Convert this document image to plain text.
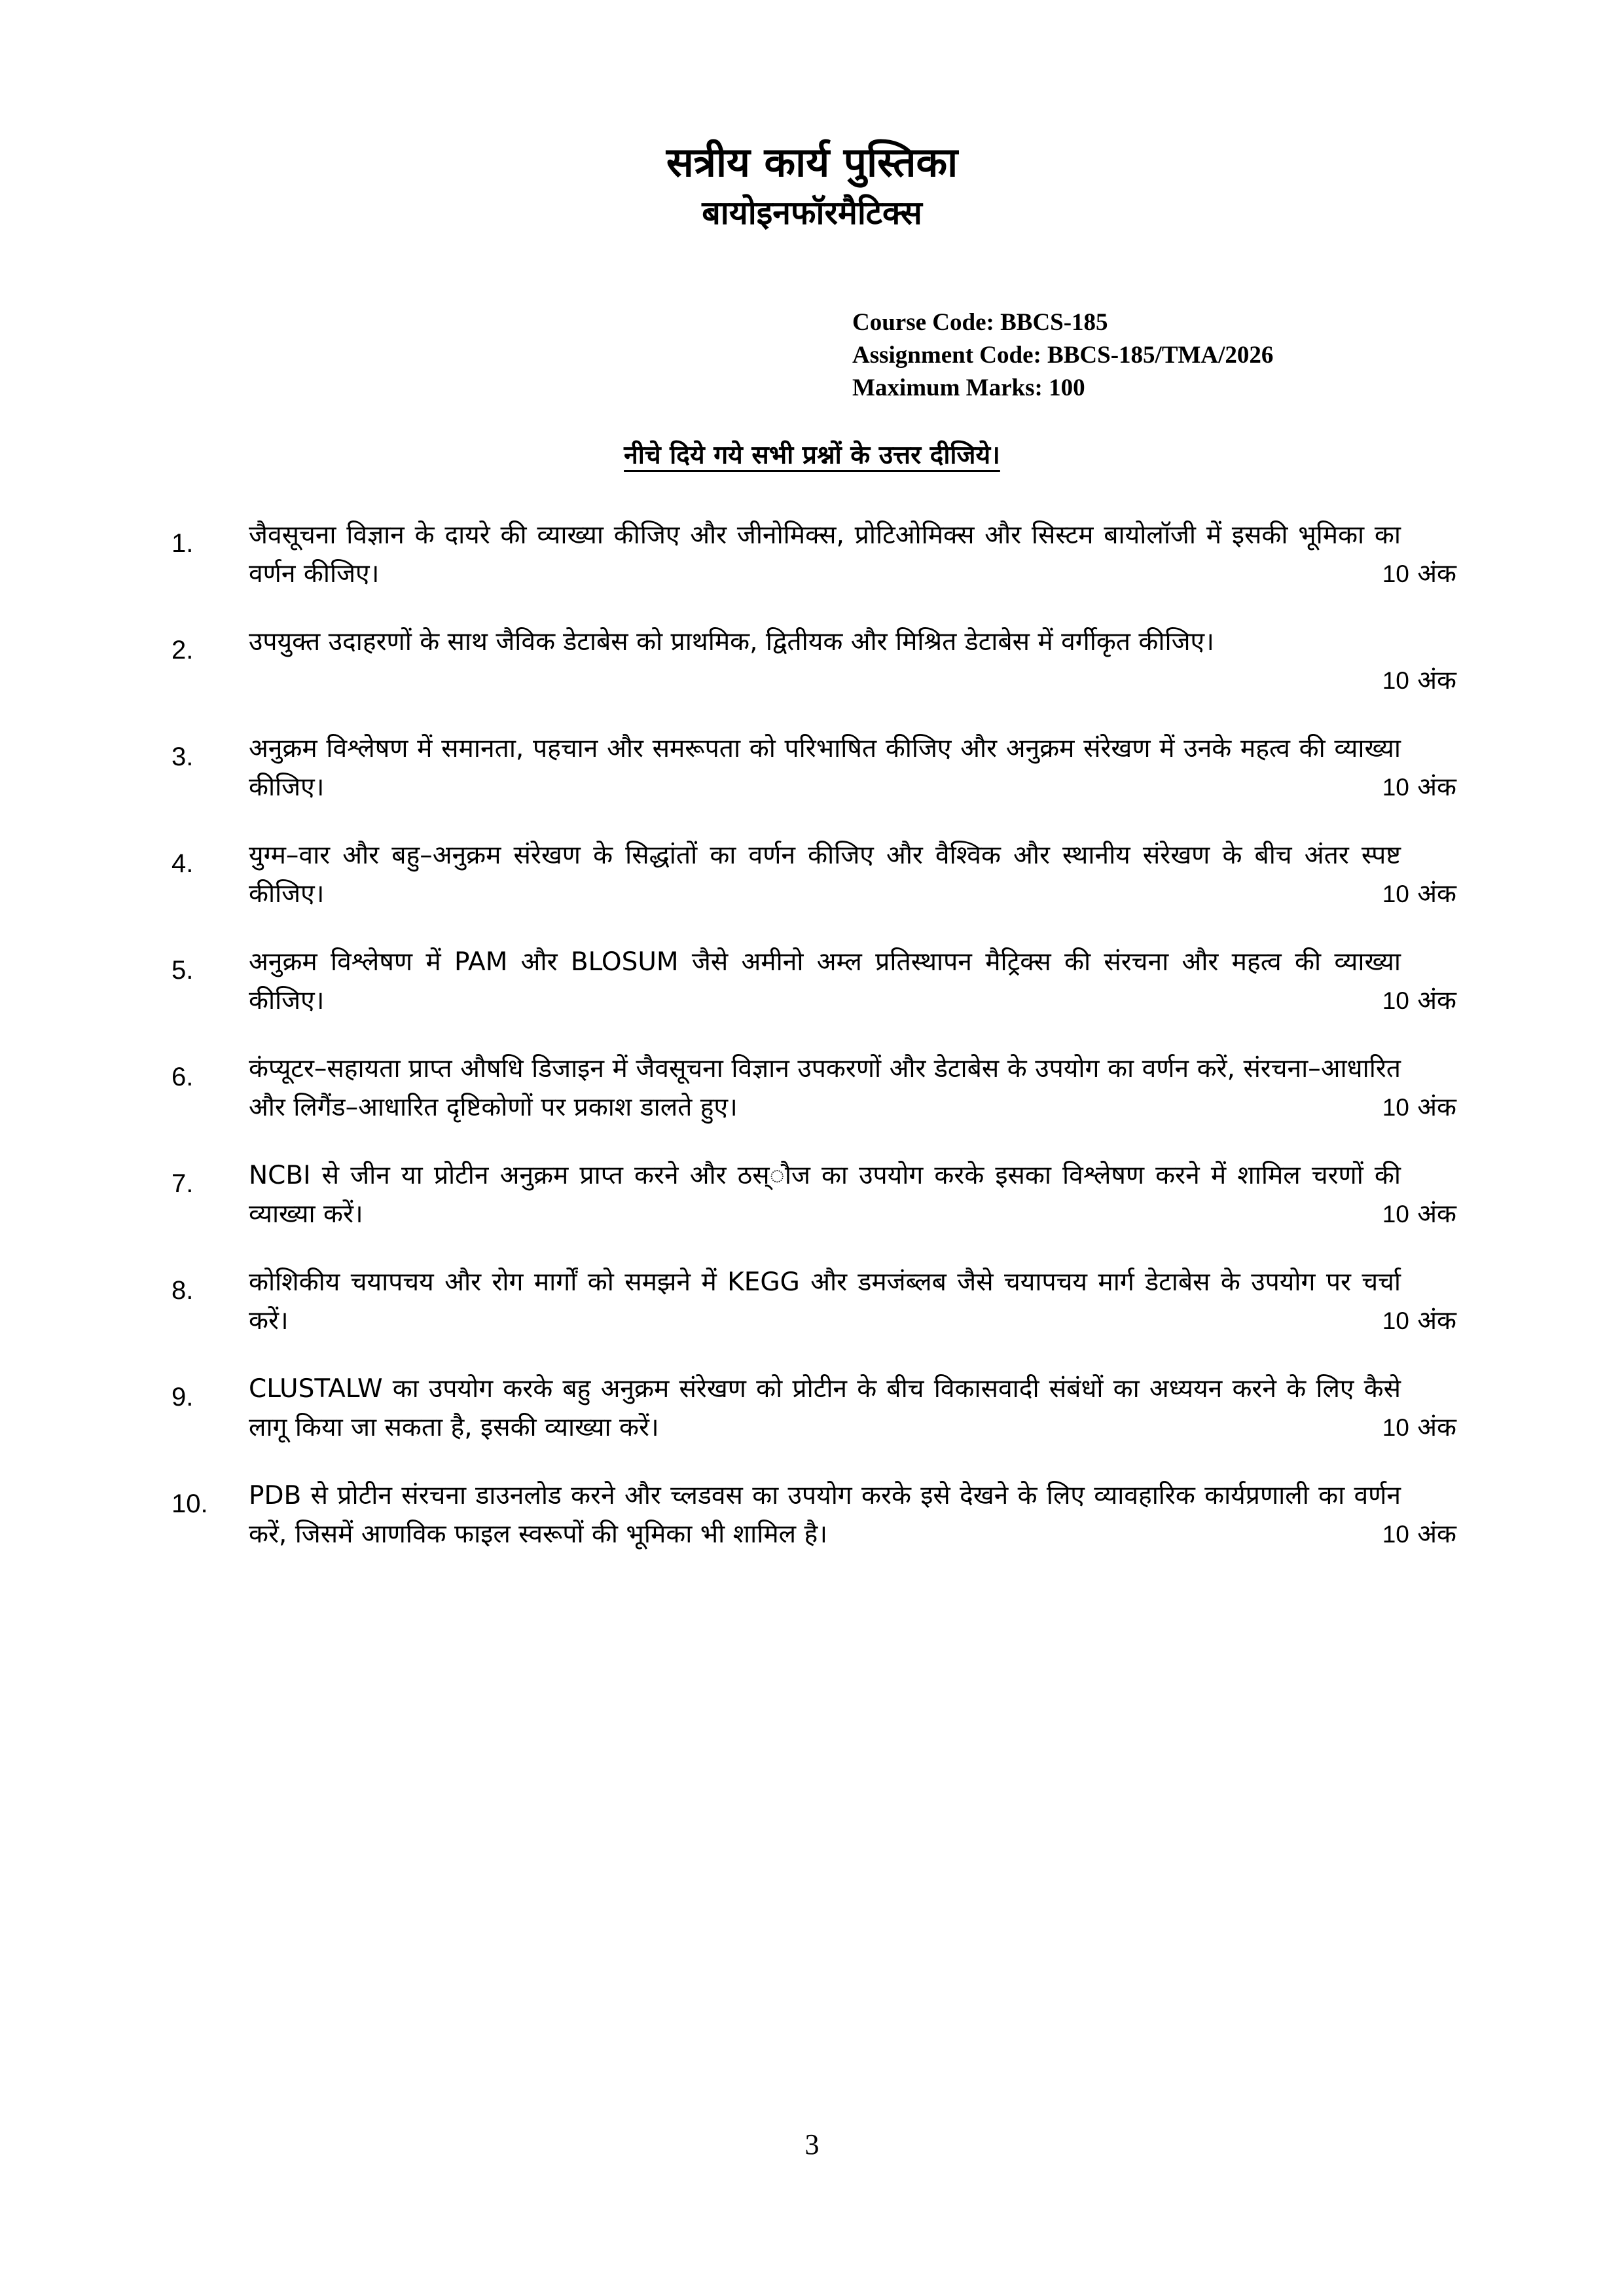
सत्रीय कार्य पुस्तिका
बायोइनफॉरमैटिक्स
Course Code: BBCS-185
Assignment Code: BBCS-185/TMA/2026
Maximum Marks: 100

नीचे दिये गये सभी प्रश्नों के उत्तर दीजिये।

1.	जैवसूचना विज्ञान के दायरे की व्याख्या कीजिए और जीनोमिक्स, प्रोटिओमिक्स और सिस्टम बायोलॉजी में इसकी भूमिका का वर्णन कीजिए।	10 अंक
2.	उपयुक्त उदाहरणों के साथ जैविक डेटाबेस को प्राथमिक, द्वितीयक और मिश्रित डेटाबेस में वर्गीकृत कीजिए।
10 अंक
3.	अनुक्रम विश्लेषण में समानता, पहचान और समरूपता को परिभाषित कीजिए और अनुक्रम संरेखण में उनके महत्व की व्याख्या कीजिए।	10 अंक
4.	युग्म–वार और बहु–अनुक्रम संरेखण के सिद्धांतों का वर्णन कीजिए और वैश्विक और स्थानीय संरेखण के बीच अंतर स्पष्ट कीजिए।	10 अंक
5.	अनुक्रम विश्लेषण में PAM और BLOSUM जैसे अमीनो अम्ल प्रतिस्थापन मैट्रिक्स की संरचना और महत्व की व्याख्या कीजिए।	10 अंक
6.	कंप्यूटर–सहायता प्राप्त औषधि डिजाइन में जैवसूचना विज्ञान उपकरणों और डेटाबेस के उपयोग का वर्णन करें, संरचना–आधारित और लिगैंड–आधारित दृष्टिकोणों पर प्रकाश डालते हुए।	10 अंक
7.	NCBI से जीन या प्रोटीन अनुक्रम प्राप्त करने और ठस्ौज का उपयोग करके इसका विश्लेषण करने में शामिल चरणों की व्याख्या करें।	10 अंक
8.	कोशिकीय चयापचय और रोग मार्गों को समझने में KEGG और डमजंब्लब जैसे चयापचय मार्ग डेटाबेस के उपयोग पर चर्चा करें।	10 अंक
9.	CLUSTALW का उपयोग करके बहु अनुक्रम संरेखण को प्रोटीन के बीच विकासवादी संबंधों का अध्ययन करने के लिए कैसे लागू किया जा सकता है, इसकी व्याख्या करें।	10 अंक
10.	PDB से प्रोटीन संरचना डाउनलोड करने और च्लडवस का उपयोग करके इसे देखने के लिए व्यावहारिक कार्यप्रणाली का वर्णन करें, जिसमें आणविक फाइल स्वरूपों की भूमिका भी शामिल है।	10 अंक

3
